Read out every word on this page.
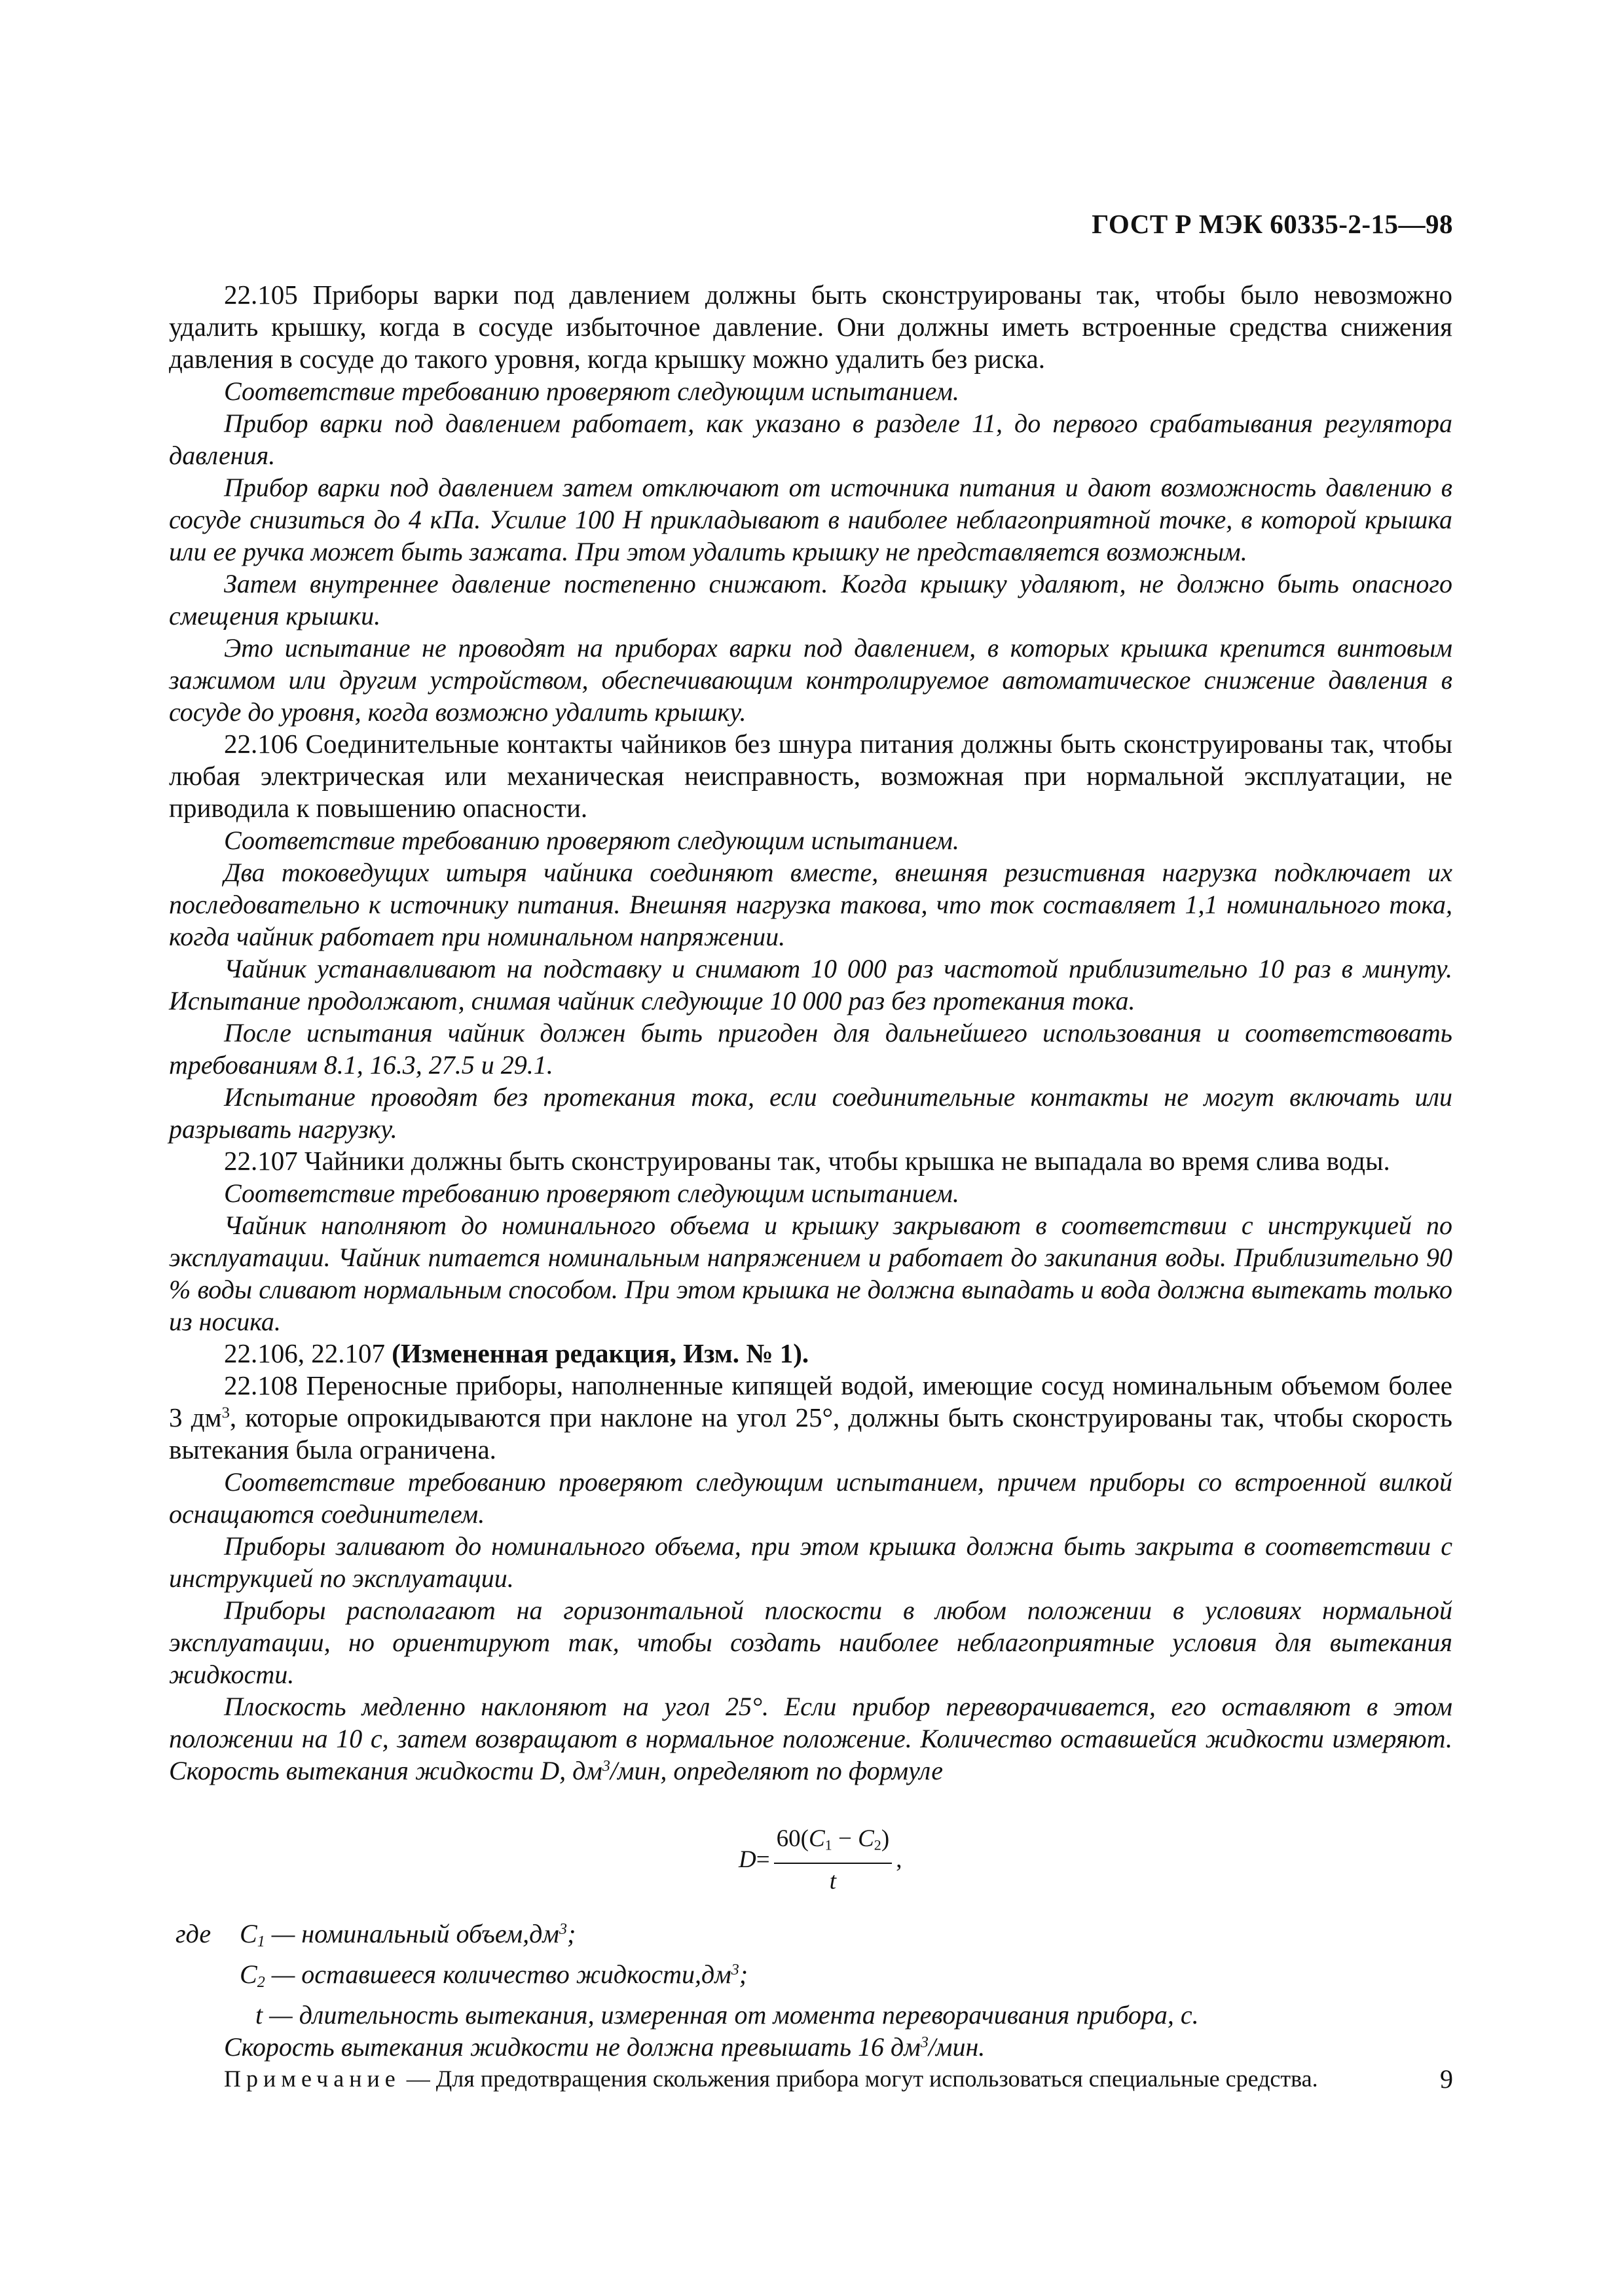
ГОСТ Р МЭК 60335-2-15—98

22.105 Приборы варки под давлением должны быть сконструированы так, чтобы было невозможно удалить крышку, когда в сосуде избыточное давление. Они должны иметь встроенные средства снижения давления в сосуде до такого уровня, когда крышку можно удалить без риска.

Соответствие требованию проверяют следующим испытанием.

Прибор варки под давлением работает, как указано в разделе 11, до первого срабатывания регулятора давления.

Прибор варки под давлением затем отключают от источника питания и дают возможность давлению в сосуде снизиться до 4 кПа. Усилие 100 Н прикладывают в наиболее неблагоприятной точке, в которой крышка или ее ручка может быть зажата. При этом удалить крышку не представляется возможным.

Затем внутреннее давление постепенно снижают. Когда крышку удаляют, не должно быть опасного смещения крышки.

Это испытание не проводят на приборах варки под давлением, в которых крышка крепится винтовым зажимом или другим устройством, обеспечивающим контролируемое автоматическое снижение давления в сосуде до уровня, когда возможно удалить крышку.

22.106 Соединительные контакты чайников без шнура питания должны быть сконструированы так, чтобы любая электрическая или механическая неисправность, возможная при нормальной эксплуатации, не приводила к повышению опасности.

Соответствие требованию проверяют следующим испытанием.

Два токоведущих штыря чайника соединяют вместе, внешняя резистивная нагрузка подключает их последовательно к источнику питания. Внешняя нагрузка такова, что ток составляет 1,1 номинального тока, когда чайник работает при номинальном напряжении.

Чайник устанавливают на подставку и снимают 10 000 раз частотой приблизительно 10 раз в минуту. Испытание продолжают, снимая чайник следующие 10 000 раз без протекания тока.

После испытания чайник должен быть пригоден для дальнейшего использования и соответствовать требованиям 8.1, 16.3, 27.5 и 29.1.

Испытание проводят без протекания тока, если соединительные контакты не могут включать или разрывать нагрузку.

22.107 Чайники должны быть сконструированы так, чтобы крышка не выпадала во время слива воды.

Соответствие требованию проверяют следующим испытанием.

Чайник наполняют до номинального объема и крышку закрывают в соответствии с инструкцией по эксплуатации. Чайник питается номинальным напряжением и работает до закипания воды. Приблизительно 90 % воды сливают нормальным способом. При этом крышка не должна выпадать и вода должна вытекать только из носика.

22.106, 22.107 (Измененная редакция, Изм. № 1).

22.108 Переносные приборы, наполненные кипящей водой, имеющие сосуд номинальным объемом более 3 $дм^3$, которые опрокидываются при наклоне на угол 25°, должны быть сконструированы так, чтобы скорость вытекания была ограничена.

Соответствие требованию проверяют следующим испытанием, причем приборы со встроенной вилкой оснащаются соединителем.

Приборы заливают до номинального объема, при этом крышка должна быть закрыта в соответствии с инструкцией по эксплуатации.

Приборы располагают на горизонтальной плоскости в любом положении в условиях нормальной эксплуатации, но ориентируют так, чтобы создать наиболее неблагоприятные условия для вытекания жидкости.

Плоскость медленно наклоняют на угол 25°. Если прибор переворачивается, его оставляют в этом положении на 10 с, затем возвращают в нормальное положение. Количество оставшейся жидкости измеряют. Скорость вытекания жидкости D, $дм^3$/мин, определяют по формуле

$D = \frac{60(C_1 - C_2)}{t}$ ,

где $C_1$ — номинальный $объем,дм^3$;

$C_2$ — оставшееся количество $жидкости,дм^3$;

t — длительность вытекания, измеренная от момента переворачивания прибора, с.

Скорость вытекания жидкости не должна превышать 16 $дм^3$/мин.

Примечание — Для предотвращения скольжения прибора могут использоваться специальные средства.	9
